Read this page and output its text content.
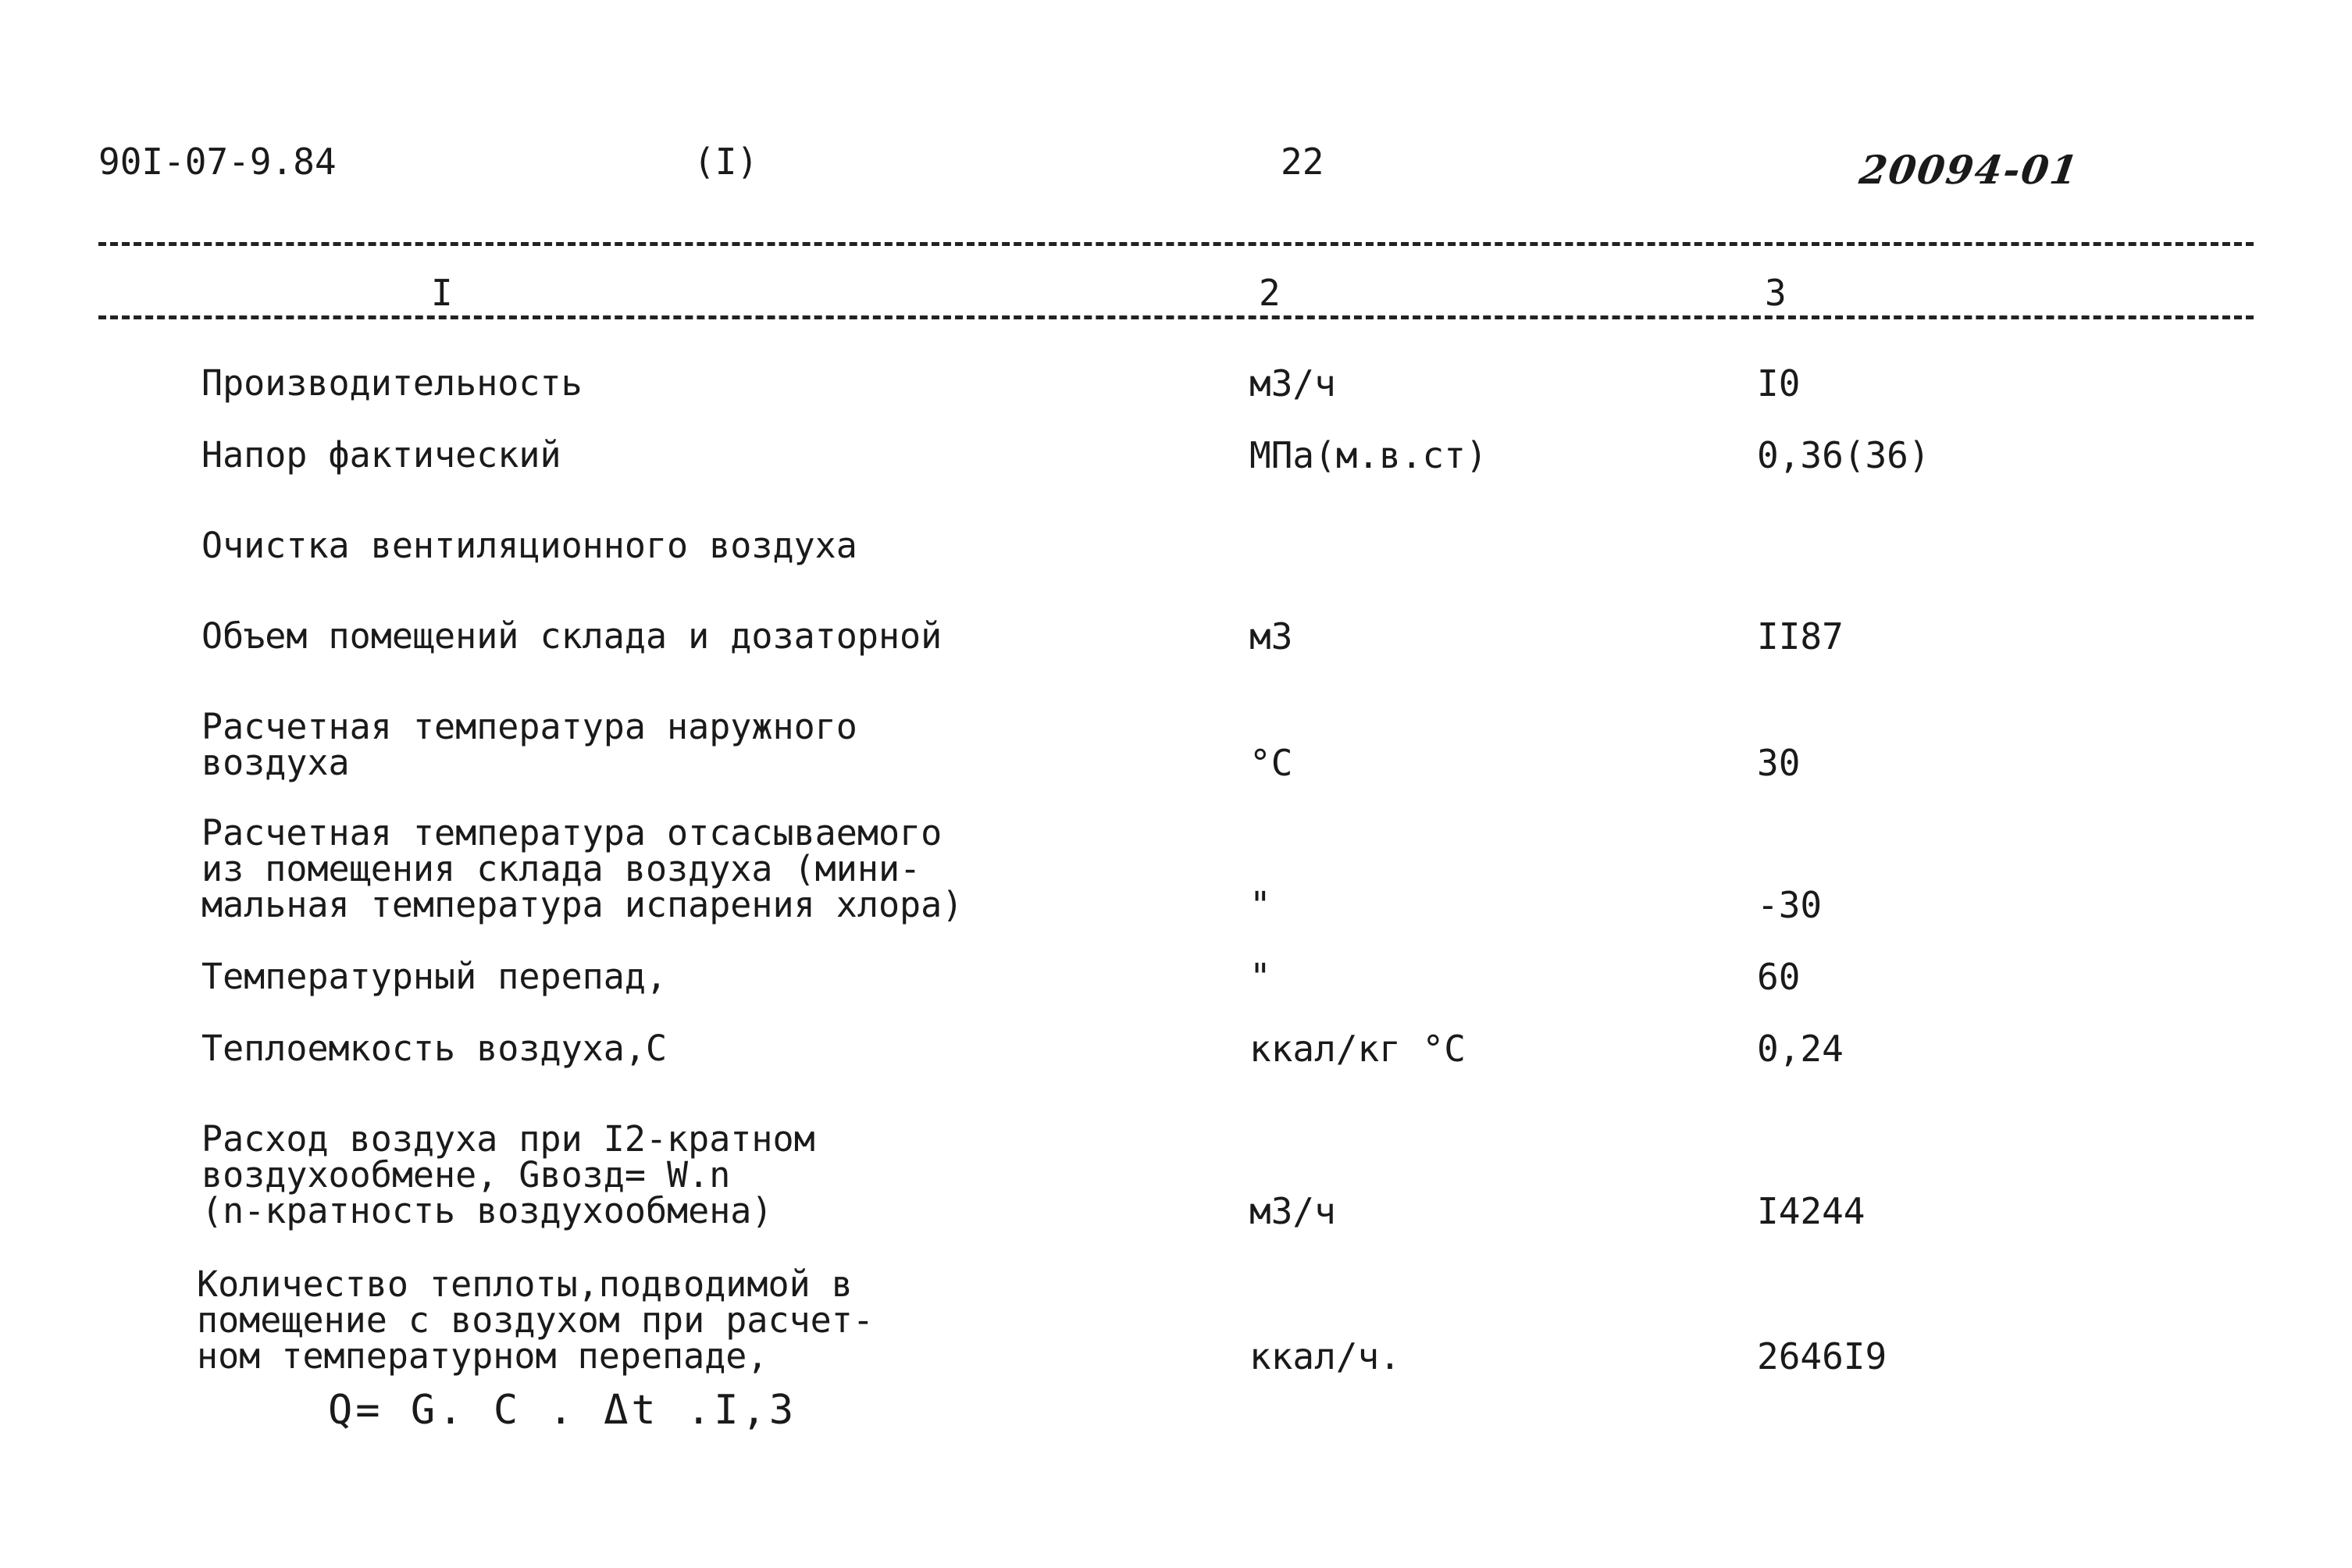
90I-07-9.84	(I)	22	20094-01
I	2	3
Производительность	м3/ч	I0
Напор фактический	МПа(м.в.ст)	0,36(36)
Очистка вентиляционного воздуха
Объем помещений склада и дозаторной	м3	II87
Расчетная температура наружного
воздуха	°C	30
Расчетная температура отсасываемого
из помещения склада воздуха (мини-
мальная температура испарения хлора)	"	-30
Температурный перепад,	"	60
Теплоемкость воздуха,С	ккал/кг °C	0,24
Расход воздуха при I2-кратном
воздухообмене, Gвозд= W.n
(n-кратность воздухообмена)	м3/ч	I4244
Количество теплоты,подводимой в
помещение с воздухом при расчет-
ном температурном перепаде,	ккал/ч.	2646I9
Q= G. C . Δt .I,3
